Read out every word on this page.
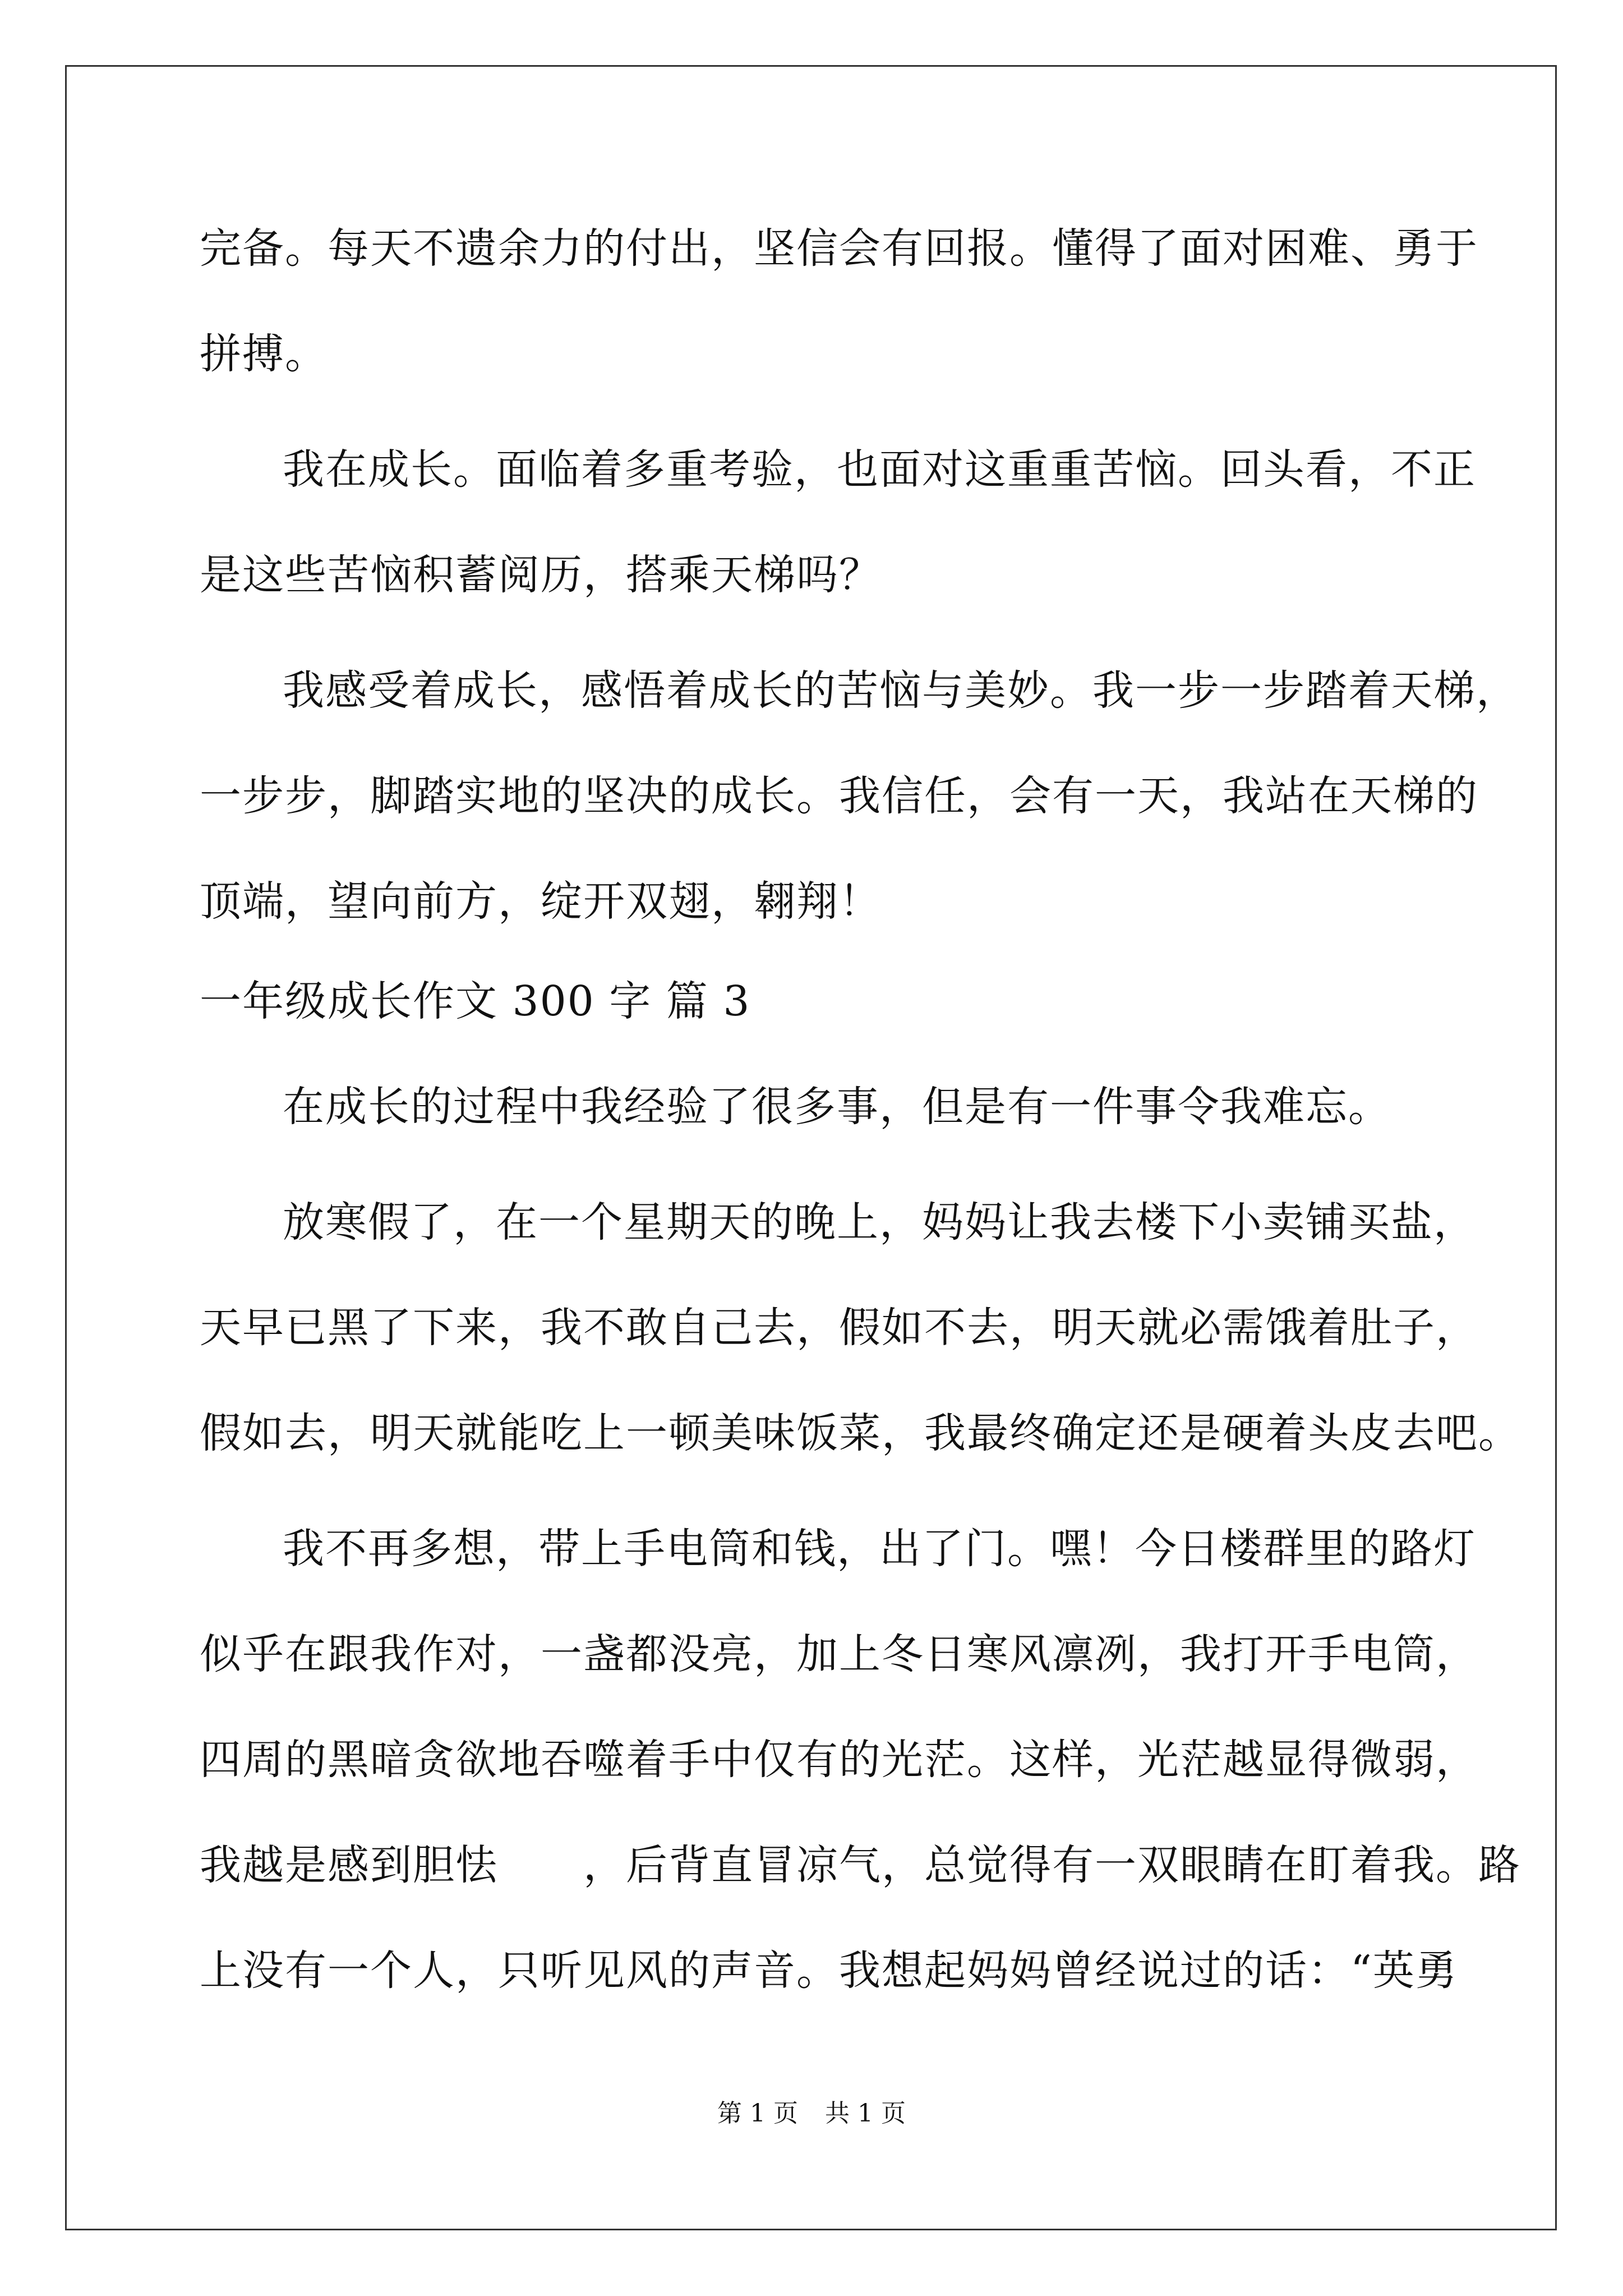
完备。每天不遗余力的付出，坚信会有回报。懂得了面对困难、勇于
拼搏。
我在成长。面临着多重考验，也面对这重重苦恼。回头看，不正
是这些苦恼积蓄阅历，搭乘天梯吗？
我感受着成长，感悟着成长的苦恼与美妙。我一步一步踏着天梯，
一步步，脚踏实地的坚决的成长。我信任，会有一天，我站在天梯的
顶端，望向前方，绽开双翅，翱翔！
一年级成长作文 300 字 篇 3
在成长的过程中我经验了很多事，但是有一件事令我难忘。
放寒假了，在一个星期天的晚上，妈妈让我去楼下小卖铺买盐，
天早已黑了下来，我不敢自己去，假如不去，明天就必需饿着肚子，
假如去，明天就能吃上一顿美味饭菜，我最终确定还是硬着头皮去吧。
我不再多想，带上手电筒和钱，出了门。嘿！今日楼群里的路灯
似乎在跟我作对，一盏都没亮，加上冬日寒风凛冽，我打开手电筒，
四周的黑暗贪欲地吞噬着手中仅有的光茫。这样，光茫越显得微弱，
我越是感到胆怯　　，后背直冒凉气，总觉得有一双眼睛在盯着我。路
上没有一个人，只听见风的声音。我想起妈妈曾经说过的话：“英勇
第 1 页 共 1 页
